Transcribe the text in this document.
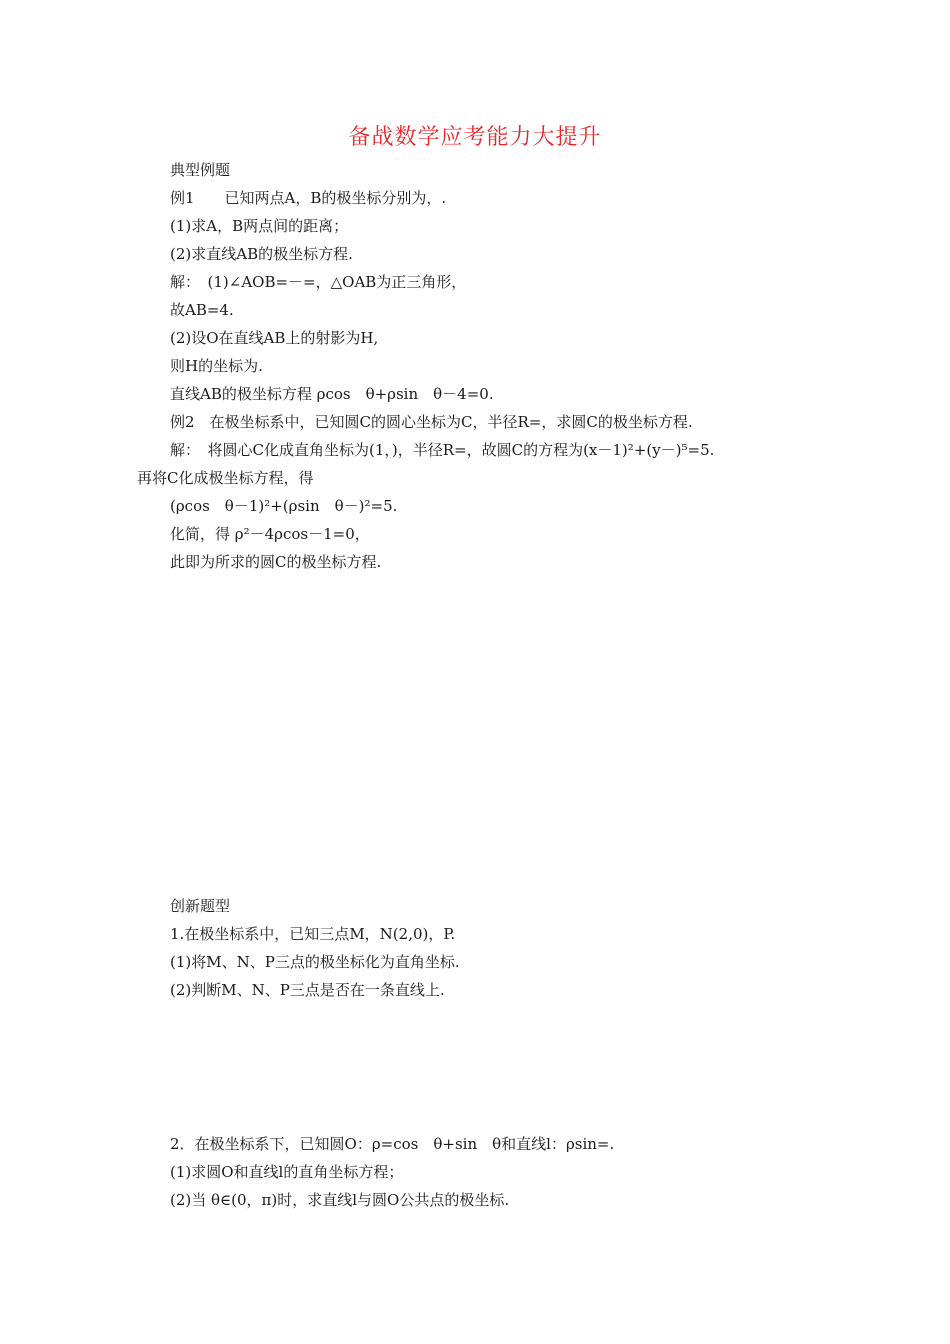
备战数学应考能力大提升
典型例题
例1　　已知两点A，B的极坐标分别为，.
(1)求A，B两点间的距离；
(2)求直线AB的极坐标方程.
解：　(1)∠AOB=－=，△OAB为正三角形，
故AB=4.
(2)设O在直线AB上的射影为H,
则H的坐标为.
直线AB的极坐标方程 ρcos　θ+ρsin　θ－4=0.
例2　在极坐标系中，已知圆C的圆心坐标为C，半径R=，求圆C的极坐标方程.
解：　将圆心C化成直角坐标为(1，)，半径R=，故圆C的方程为(x－1)²+(y－)⁵=5.
再将C化成极坐标方程，得
(ρcos　θ－1)²+(ρsin　θ－)²=5.
化简，得 ρ²－4ρcos－1=0，
此即为所求的圆C的极坐标方程.
创新题型
1.在极坐标系中，已知三点M，N(2,0)，P.
(1)将M、N、P三点的极坐标化为直角坐标.
(2)判断M、N、P三点是否在一条直线上.
2．在极坐标系下，已知圆O：ρ=cos　θ+sin　θ和直线l：ρsin=.
(1)求圆O和直线l的直角坐标方程；
(2)当 θ∈(0，π)时，求直线l与圆O公共点的极坐标.
